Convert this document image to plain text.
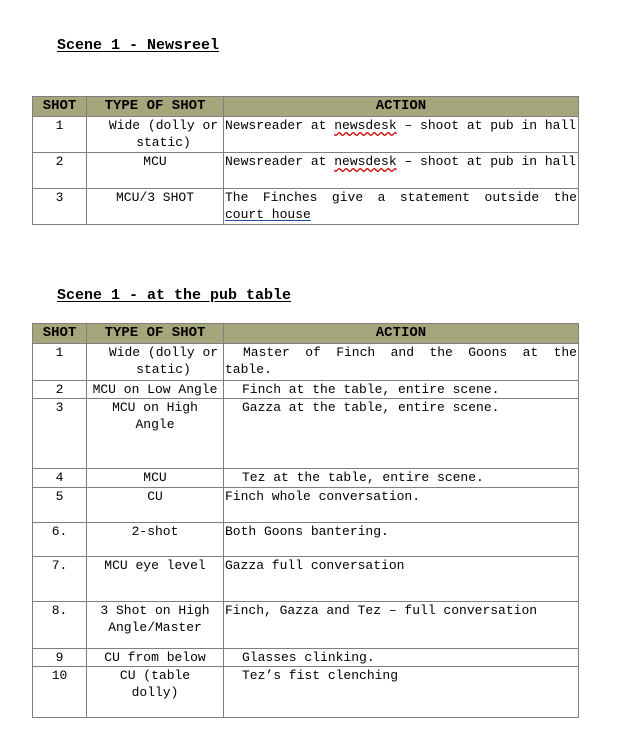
Scene 1 - Newsreel
SHOT	TYPE OF SHOT	ACTION
1	Wide (dolly or static)	Newsreader at newsdesk – shoot at pub in hall
2	MCU	Newsreader at newsdesk – shoot at pub in hall
3	MCU/3 SHOT	The Finches give a statement outside the court house
Scene 1 - at the pub table
SHOT	TYPE OF SHOT	ACTION
1	Wide (dolly or static)	Master of Finch and the Goons at the table.
2	MCU on Low Angle	Finch at the table, entire scene.
3	MCU on High Angle	Gazza at the table, entire scene.
4	MCU	Tez at the table, entire scene.
5	CU	Finch whole conversation.
6.	2-shot	Both Goons bantering.
7.	MCU eye level	Gazza full conversation
8.	3 Shot on High Angle/Master	Finch, Gazza and Tez – full conversation
9	CU from below	Glasses clinking.
10	CU (table dolly)	Tez’s fist clenching
